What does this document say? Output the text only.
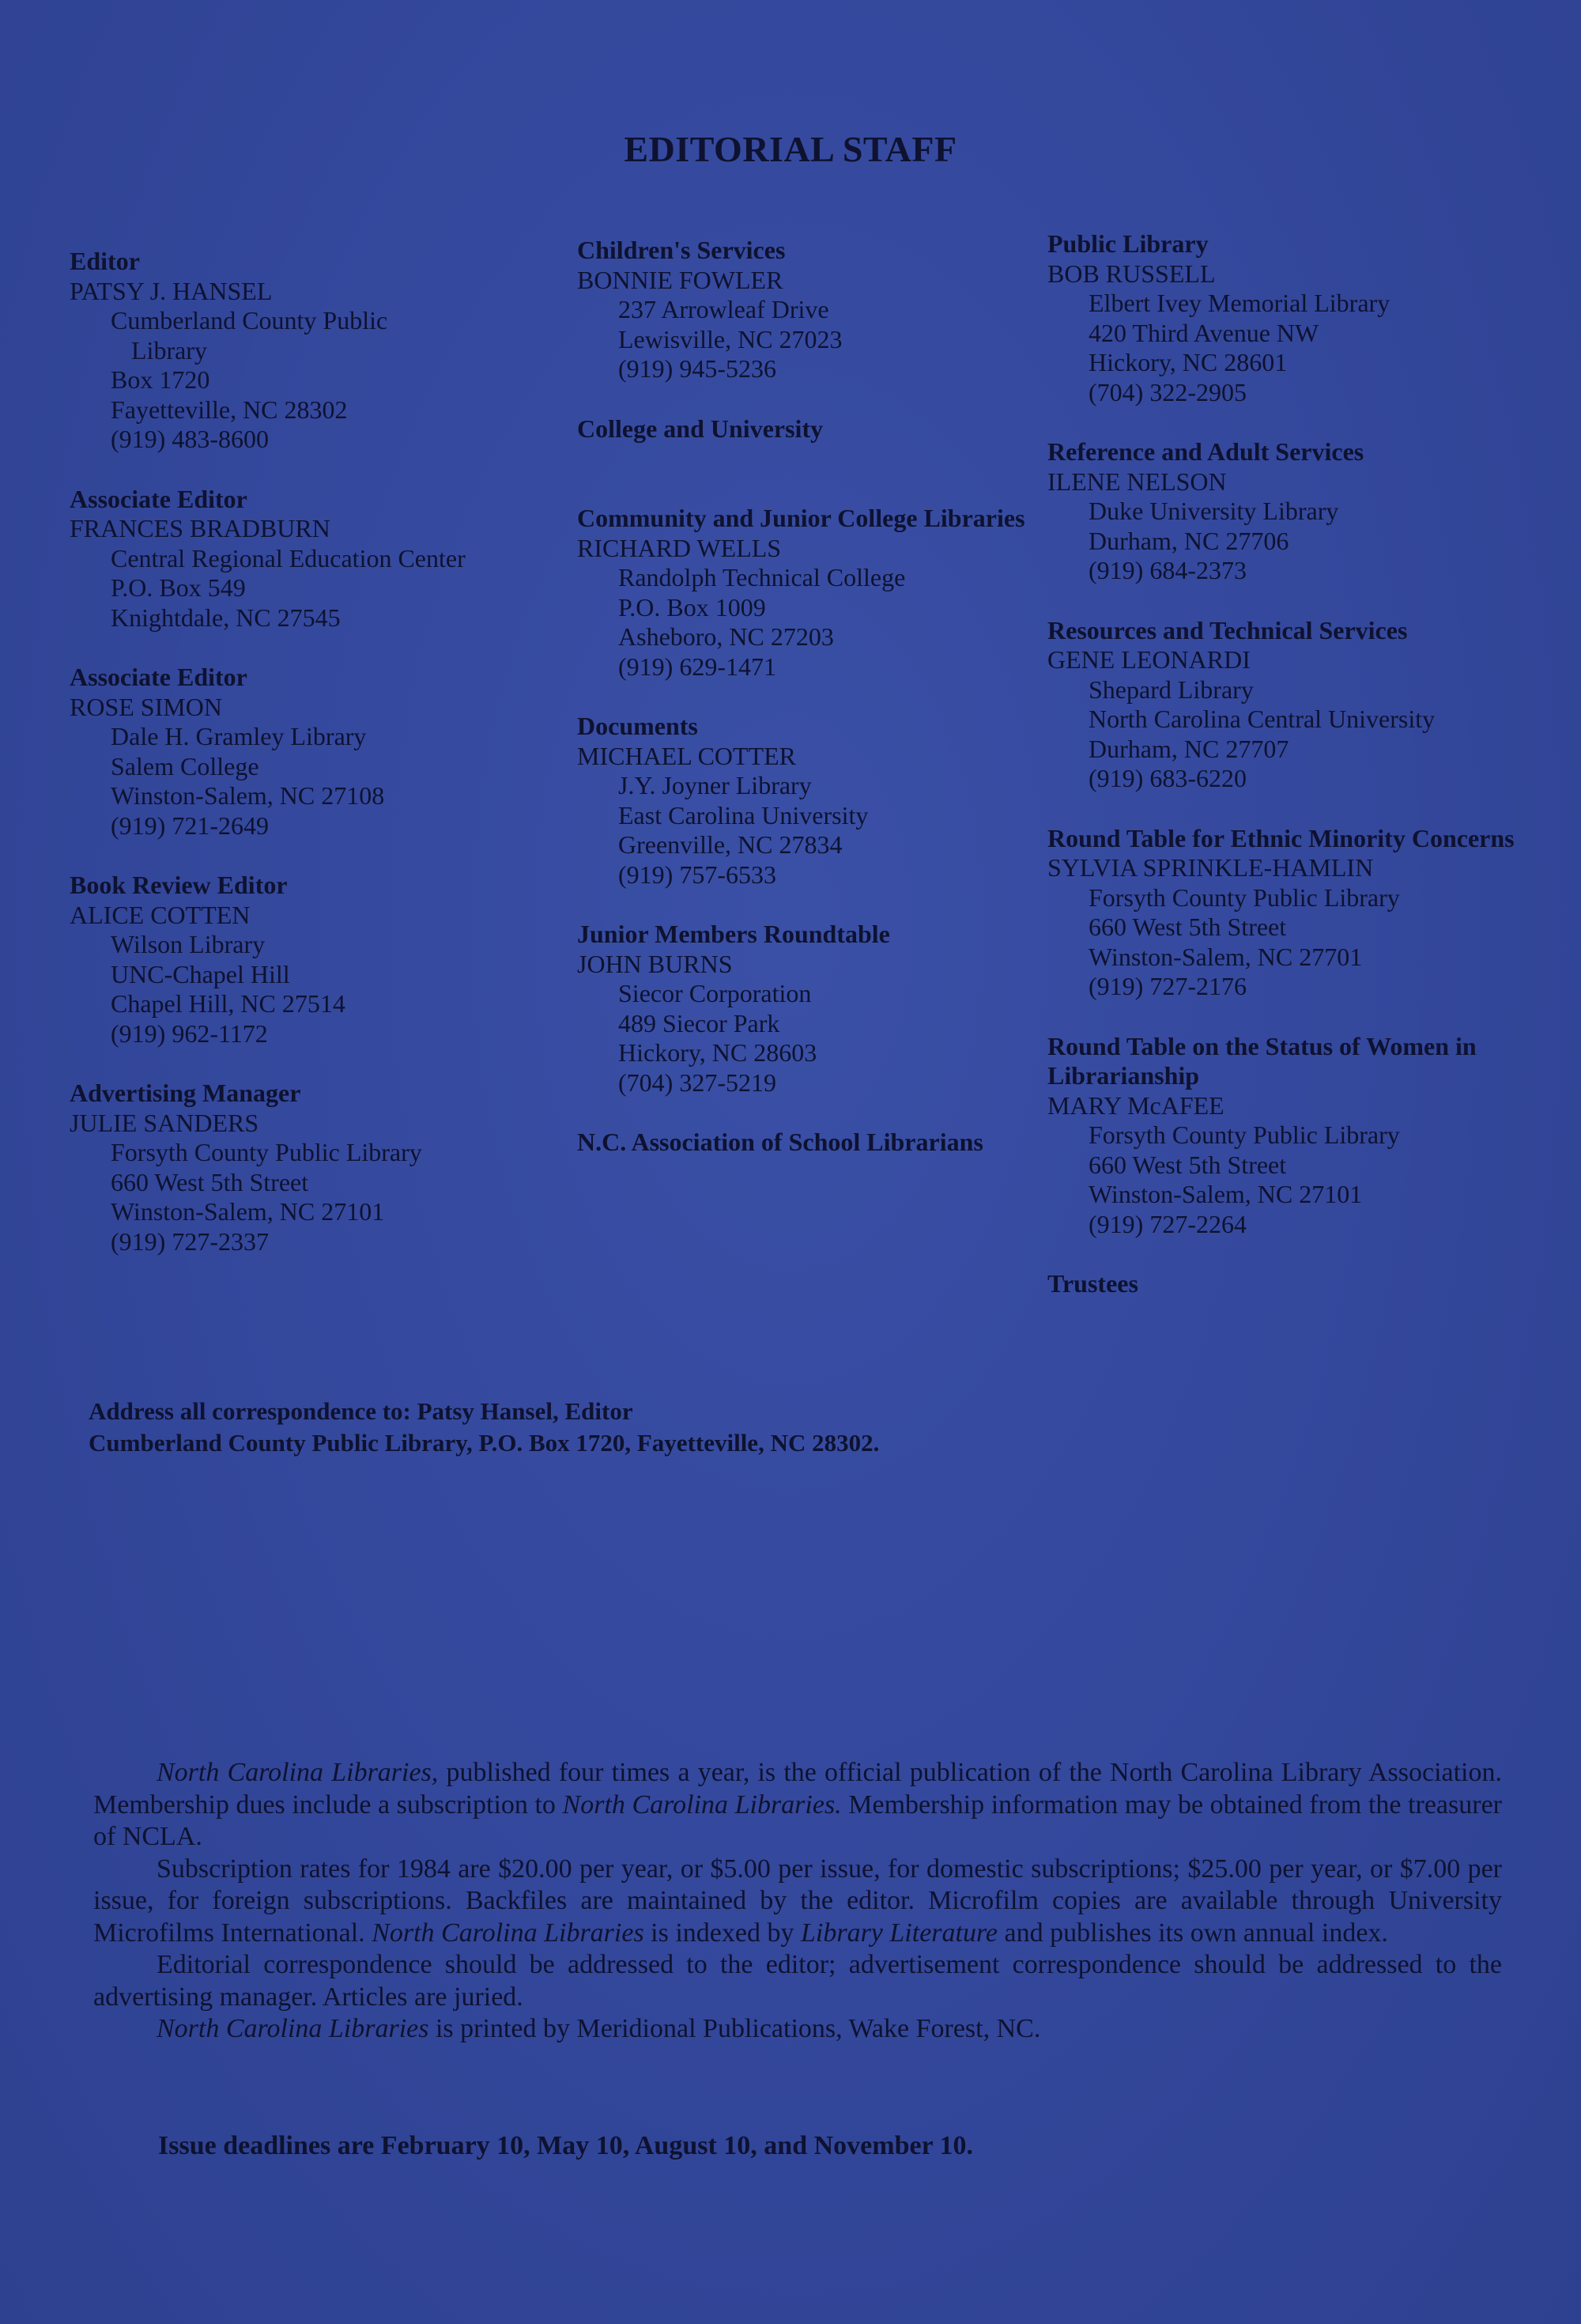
EDITORIAL STAFF
Editor
PATSY J. HANSEL
Cumberland County Public
Library
Box 1720
Fayetteville, NC 28302
(919) 483-8600
Associate Editor
FRANCES BRADBURN
Central Regional Education Center
P.O. Box 549
Knightdale, NC 27545
Associate Editor
ROSE SIMON
Dale H. Gramley Library
Salem College
Winston-Salem, NC 27108
(919) 721-2649
Book Review Editor
ALICE COTTEN
Wilson Library
UNC-Chapel Hill
Chapel Hill, NC 27514
(919) 962-1172
Advertising Manager
JULIE SANDERS
Forsyth County Public Library
660 West 5th Street
Winston-Salem, NC 27101
(919) 727-2337
Children's Services
BONNIE FOWLER
237 Arrowleaf Drive
Lewisville, NC 27023
(919) 945-5236
College and University
Community and Junior College Libraries
RICHARD WELLS
Randolph Technical College
P.O. Box 1009
Asheboro, NC 27203
(919) 629-1471
Documents
MICHAEL COTTER
J.Y. Joyner Library
East Carolina University
Greenville, NC 27834
(919) 757-6533
Junior Members Roundtable
JOHN BURNS
Siecor Corporation
489 Siecor Park
Hickory, NC 28603
(704) 327-5219
N.C. Association of School Librarians
Public Library
BOB RUSSELL
Elbert Ivey Memorial Library
420 Third Avenue NW
Hickory, NC 28601
(704) 322-2905
Reference and Adult Services
ILENE NELSON
Duke University Library
Durham, NC 27706
(919) 684-2373
Resources and Technical Services
GENE LEONARDI
Shepard Library
North Carolina Central University
Durham, NC 27707
(919) 683-6220
Round Table for Ethnic Minority Concerns
SYLVIA SPRINKLE-HAMLIN
Forsyth County Public Library
660 West 5th Street
Winston-Salem, NC 27701
(919) 727-2176
Round Table on the Status of Women in Librarianship
MARY McAFEE
Forsyth County Public Library
660 West 5th Street
Winston-Salem, NC 27101
(919) 727-2264
Trustees
Address all correspondence to: Patsy Hansel, Editor
Cumberland County Public Library, P.O. Box 1720, Fayetteville, NC 28302.

North Carolina Libraries, published four times a year, is the official publication of the North Carolina Library Association. Membership dues include a subscription to North Carolina Libraries. Membership information may be obtained from the treasurer of NCLA.

Subscription rates for 1984 are $20.00 per year, or $5.00 per issue, for domestic subscriptions; $25.00 per year, or $7.00 per issue, for foreign subscriptions. Backfiles are maintained by the editor. Microfilm copies are available through University Microfilms International. North Carolina Libraries is indexed by Library Literature and publishes its own annual index.

Editorial correspondence should be addressed to the editor; advertisement correspondence should be addressed to the advertising manager. Articles are juried.

North Carolina Libraries is printed by Meridional Publications, Wake Forest, NC.

Issue deadlines are February 10, May 10, August 10, and November 10.
